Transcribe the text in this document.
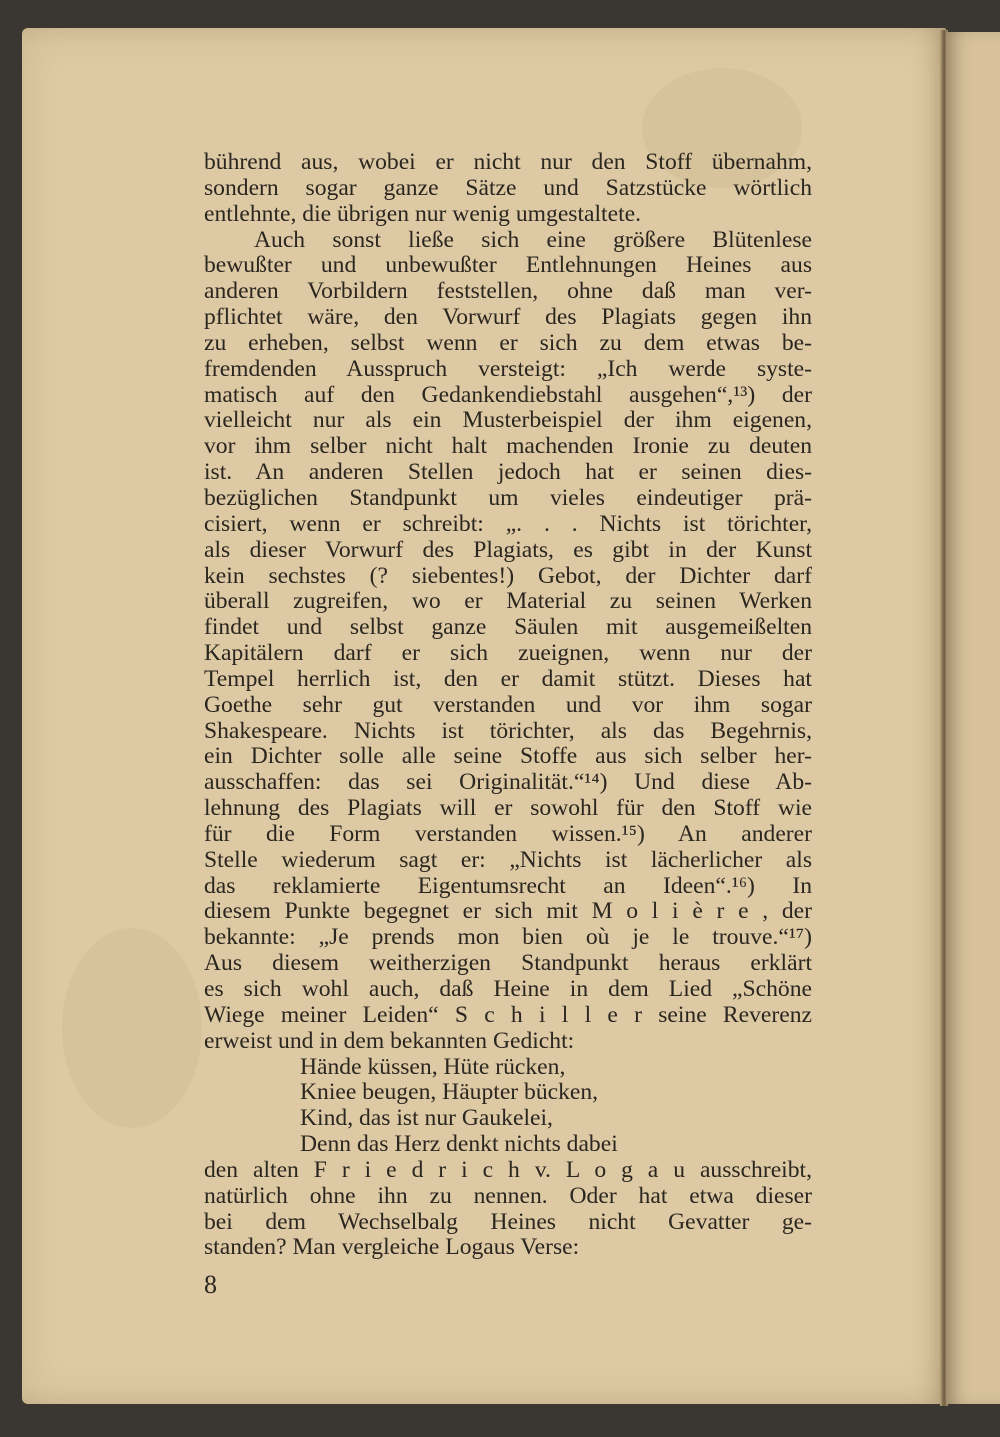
bührend aus, wobei er nicht nur den Stoff übernahm,
sondern sogar ganze Sätze und Satzstücke wörtlich
entlehnte, die übrigen nur wenig umgestaltete.
Auch sonst ließe sich eine größere Blütenlese
bewußter und unbewußter Entlehnungen Heines aus
anderen Vorbildern feststellen, ohne daß man ver-
pflichtet wäre, den Vorwurf des Plagiats gegen ihn
zu erheben, selbst wenn er sich zu dem etwas be-
fremdenden Ausspruch versteigt: „Ich werde syste-
matisch auf den Gedankendiebstahl ausgehen“,¹³) der
vielleicht nur als ein Musterbeispiel der ihm eigenen,
vor ihm selber nicht halt machenden Ironie zu deuten
ist. An anderen Stellen jedoch hat er seinen dies-
bezüglichen Standpunkt um vieles eindeutiger prä-
cisiert, wenn er schreibt: „. . . Nichts ist törichter,
als dieser Vorwurf des Plagiats, es gibt in der Kunst
kein sechstes (? siebentes!) Gebot, der Dichter darf
überall zugreifen, wo er Material zu seinen Werken
findet und selbst ganze Säulen mit ausgemeißelten
Kapitälern darf er sich zueignen, wenn nur der
Tempel herrlich ist, den er damit stützt. Dieses hat
Goethe sehr gut verstanden und vor ihm sogar
Shakespeare. Nichts ist törichter, als das Begehrnis,
ein Dichter solle alle seine Stoffe aus sich selber her-
ausschaffen: das sei Originalität.“¹⁴) Und diese Ab-
lehnung des Plagiats will er sowohl für den Stoff wie
für die Form verstanden wissen.¹⁵) An anderer
Stelle wiederum sagt er: „Nichts ist lächerlicher als
das reklamierte Eigentumsrecht an Ideen“.¹⁶) In
diesem Punkte begegnet er sich mit M o l i è r e , der
bekannte: „Je prends mon bien où je le trouve.“¹⁷)
Aus diesem weitherzigen Standpunkt heraus erklärt
es sich wohl auch, daß Heine in dem Lied „Schöne
Wiege meiner Leiden“ S c h i l l e r seine Reverenz
erweist und in dem bekannten Gedicht:
Hände küssen, Hüte rücken,
Kniee beugen, Häupter bücken,
Kind, das ist nur Gaukelei,
Denn das Herz denkt nichts dabei
den alten F r i e d r i c h v. L o g a u ausschreibt,
natürlich ohne ihn zu nennen. Oder hat etwa dieser
bei dem Wechselbalg Heines nicht Gevatter ge-
standen? Man vergleiche Logaus Verse:
8
